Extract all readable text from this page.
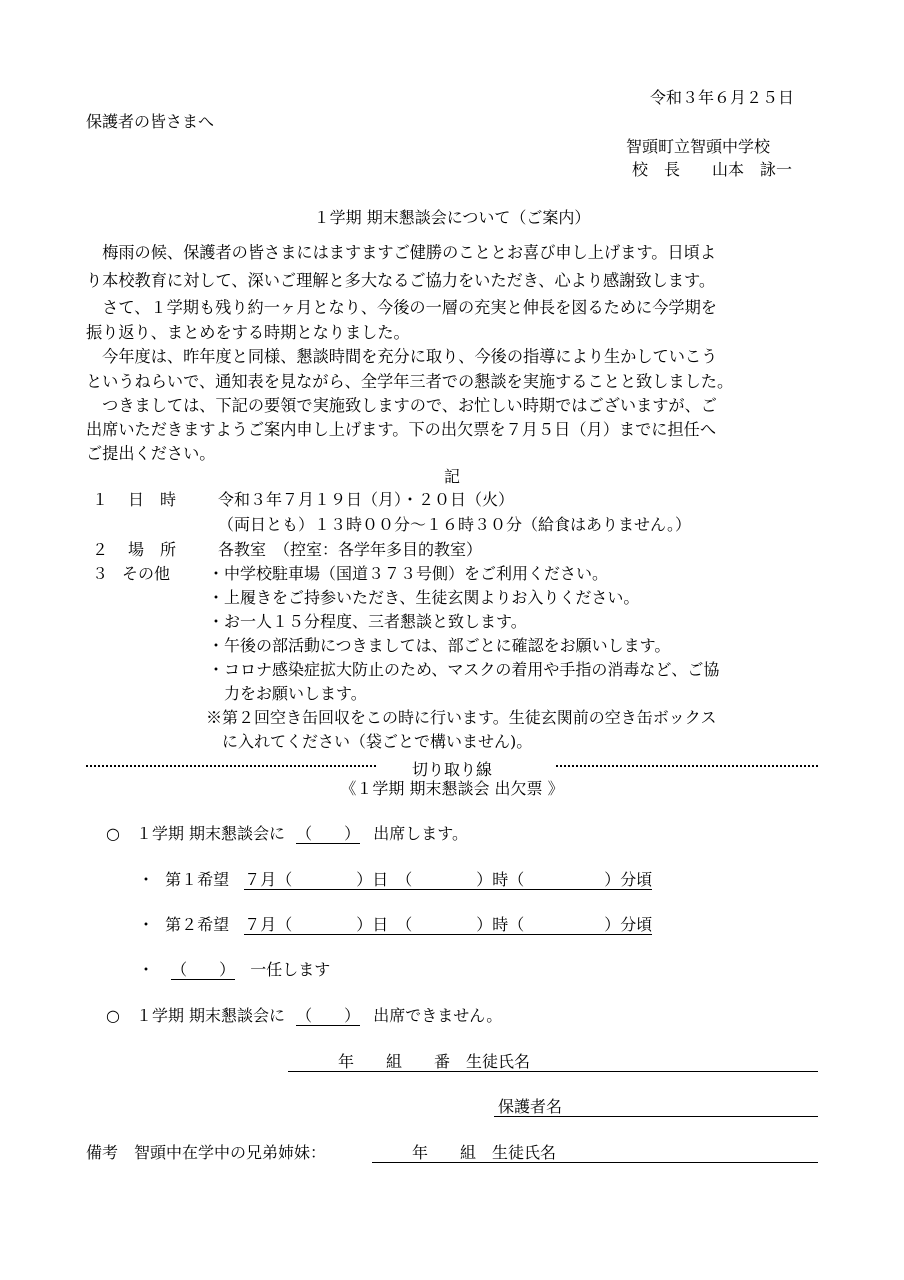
令和３年６月２５日
保護者の皆さまへ
智頭町立智頭中学校
校　長　　山本　詠一
１学期 期末懇談会について（ご案内）
　梅雨の候、保護者の皆さまにはますますご健勝のこととお喜び申し上げます。日頃よ
り本校教育に対して、深いご理解と多大なるご協力をいただき、心より感謝致します。
　さて、１学期も残り約一ヶ月となり、今後の一層の充実と伸長を図るために今学期を
振り返り、まとめをする時期となりました。
　今年度は、昨年度と同様、懇談時間を充分に取り、今後の指導により生かしていこう
というねらいで、通知表を見ながら、全学年三者での懇談を実施することと致しました。
　つきましては、下記の要領で実施致しますので、お忙しい時期ではございますが、ご
出席いただきますようご案内申し上げます。下の出欠票を７月５日（月）までに担任へ
ご提出ください。
記
１ 日　時	令和３年７月１９日（月）・２０日（火）
（両日とも）１３時００分～１６時３０分（給食はありません。）
２ 場　所	各教室　（控室：各学年多目的教室）
３ その他 ・中学校駐車場（国道３７３号側）をご利用ください。
・上履きをご持参いただき、生徒玄関よりお入りください。
・お一人１５分程度、三者懇談と致します。
・午後の部活動につきましては、部ごとに確認をお願いします。
・コロナ感染症拡大防止のため、マスクの着用や手指の消毒など、ご協
　力をお願いします。
※第２回空き缶回収をこの時に行います。生徒玄関前の空き缶ボックス
　に入れてください（袋ごとで構いません)。
切り取り線
《１学期 期末懇談会 出欠票 》
○　１学期 期末懇談会に （　　） 出席します。
・ 第１希望 ７月（　　　　）日　（　　　　）時（　　　　　）分頃
・ 第２希望 ７月（　　　　）日　（　　　　）時（　　　　　）分頃
・ （　　） 一任します
○　１学期 期末懇談会に （　　） 出席できません。
年　　組　　番　生徒氏名
保護者名
備考　智頭中在学中の兄弟姉妹：	年　　組　生徒氏名
